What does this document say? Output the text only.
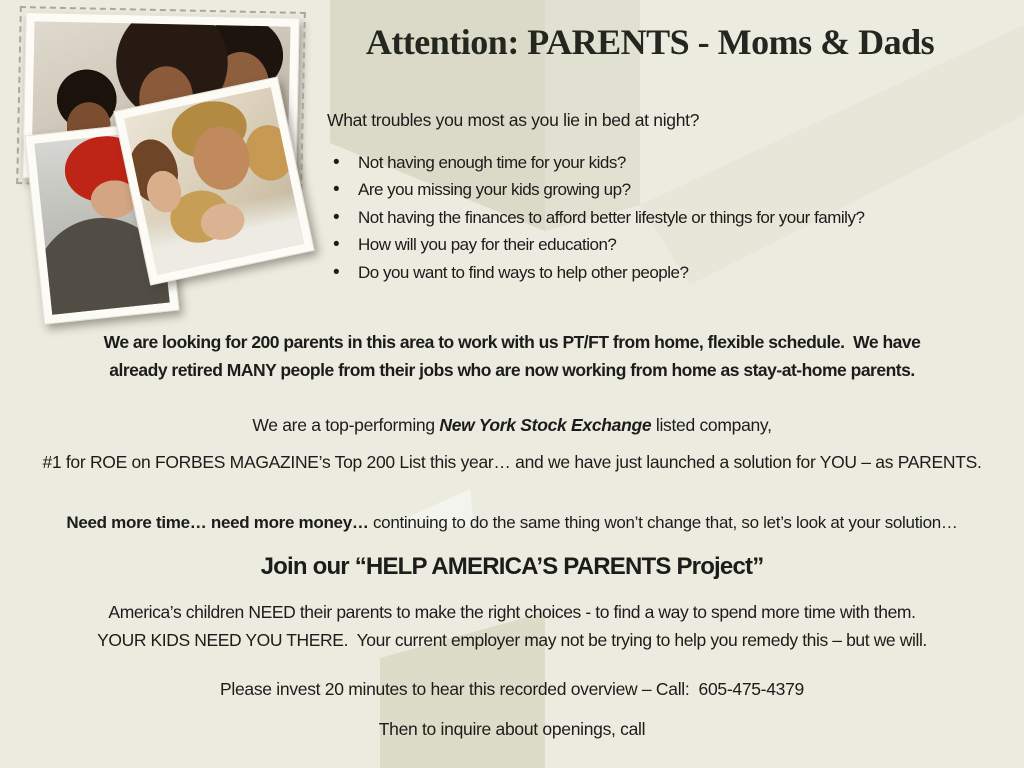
Attention: PARENTS - Moms & Dads

What troubles you most as you lie in bed at night?

• Not having enough time for your kids?
• Are you missing your kids growing up?
• Not having the finances to afford better lifestyle or things for your family?
• How will you pay for their education?
• Do you want to find ways to help other people?
We are looking for 200 parents in this area to work with us PT/FT from home, flexible schedule.  We have
already retired MANY people from their jobs who are now working from home as stay-at-home parents.

We are a top-performing New York Stock Exchange listed company,

#1 for ROE on FORBES MAGAZINE’s Top 200 List this year… and we have just launched a solution for YOU – as PARENTS.

Need more time… need more money… continuing to do the same thing won’t change that, so let’s look at your solution…

Join our “HELP AMERICA’S PARENTS Project”
America’s children NEED their parents to make the right choices - to find a way to spend more time with them.
YOUR KIDS NEED YOU THERE.  Your current employer may not be trying to help you remedy this – but we will.

Please invest 20 minutes to hear this recorded overview – Call:  605-475-4379

Then to inquire about openings, call
